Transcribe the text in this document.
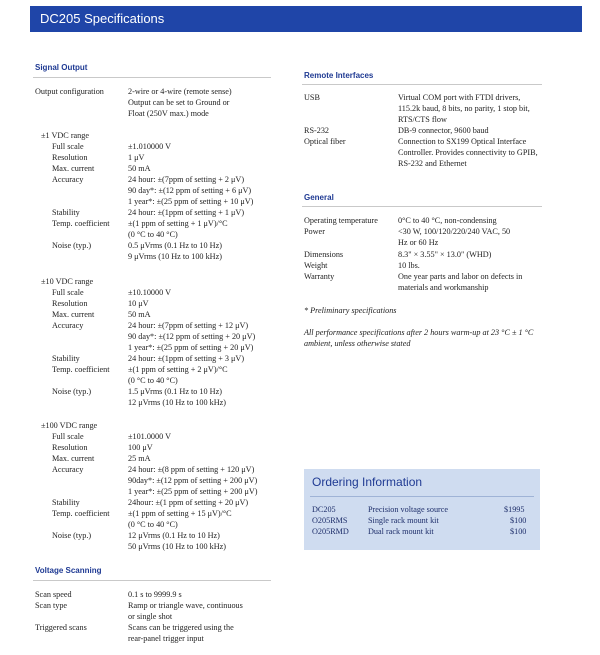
DC205 Specifications
Signal Output
Output configuration	2-wire or 4-wire (remote sense)
Output can be set to Ground or
Float (250V max.) mode
±1 VDC range
Full scale	±1.010000 V
Resolution	1 μV
Max. current	50 mA
Accuracy	24 hour: ±(7ppm of setting + 2 μV)
90 day*: ±(12 ppm of setting + 6 μV)
1 year*: ±(25 ppm of setting + 10 μV)
Stability	24 hour: ±(1ppm of setting + 1 μV)
Temp. coefficient ±(1 ppm of setting + 1 μV)/°C
(0 °C to 40 °C)
Noise (typ.)	0.5 μVrms (0.1 Hz to 10 Hz)
9 μVrms (10 Hz to 100 kHz)
±10 VDC range
Full scale	±10.10000 V
Resolution	10 μV
Max. current	50 mA
Accuracy	24 hour: ±(7ppm of setting + 12 μV)
90 day*: ±(12 ppm of setting + 20 μV)
1 year*: ±(25 ppm of setting + 20 μV)
Stability	24 hour: ±(1ppm of setting + 3 μV)
Temp. coefficient ±(1 ppm of setting + 2 μV)/°C
(0 °C to 40 °C)
Noise (typ.)	1.5 μVrms (0.1 Hz to 10 Hz)
12 μVrms (10 Hz to 100 kHz)
±100 VDC range
Full scale	±101.0000 V
Resolution	100 μV
Max. current	25 mA
Accuracy	24 hour: ±(8 ppm of setting + 120 μV)
90day*: ±(12 ppm of setting + 200 μV)
1 year*: ±(25 ppm of setting + 200 μV)
Stability	24hour: ±(1 ppm of setting + 20 μV)
Temp. coefficient ±(1 ppm of setting + 15 μV)/°C
(0 °C to 40 °C)
Noise (typ.)	12 μVrms (0.1 Hz to 10 Hz)
50 μVrms (10 Hz to 100 kHz)
Voltage Scanning
Scan speed	0.1 s to 9999.9 s
Scan type	Ramp or triangle wave, continuous
or single shot
Triggered scans	Scans can be triggered using the
rear-panel trigger input
Remote Interfaces
USB	Virtual COM port with FTDI drivers, 115.2k baud, 8 bits, no parity, 1 stop bit, RTS/CTS flow
RS-232	DB-9 connector, 9600 baud
Optical fiber	Connection to SX199 Optical Interface Controller. Provides connectivity to GPIB, RS-232 and Ethernet
General
Operating temperature 0°C to 40 °C, non-condensing
Power	<30 W, 100/120/220/240 VAC, 50 Hz or 60 Hz
Dimensions	8.3" × 3.55" × 13.0" (WHD)
Weight	10 lbs.
Warranty	One year parts and labor on defects in materials and workmanship
* Preliminary specifications
All performance specifications after 2 hours warm-up at 23 °C ± 1 °C ambient, unless otherwise stated
Ordering Information
DC205	Precision voltage source	$1995
O205RMS	Single rack mount kit	$100
O205RMD Dual rack mount kit	$100
